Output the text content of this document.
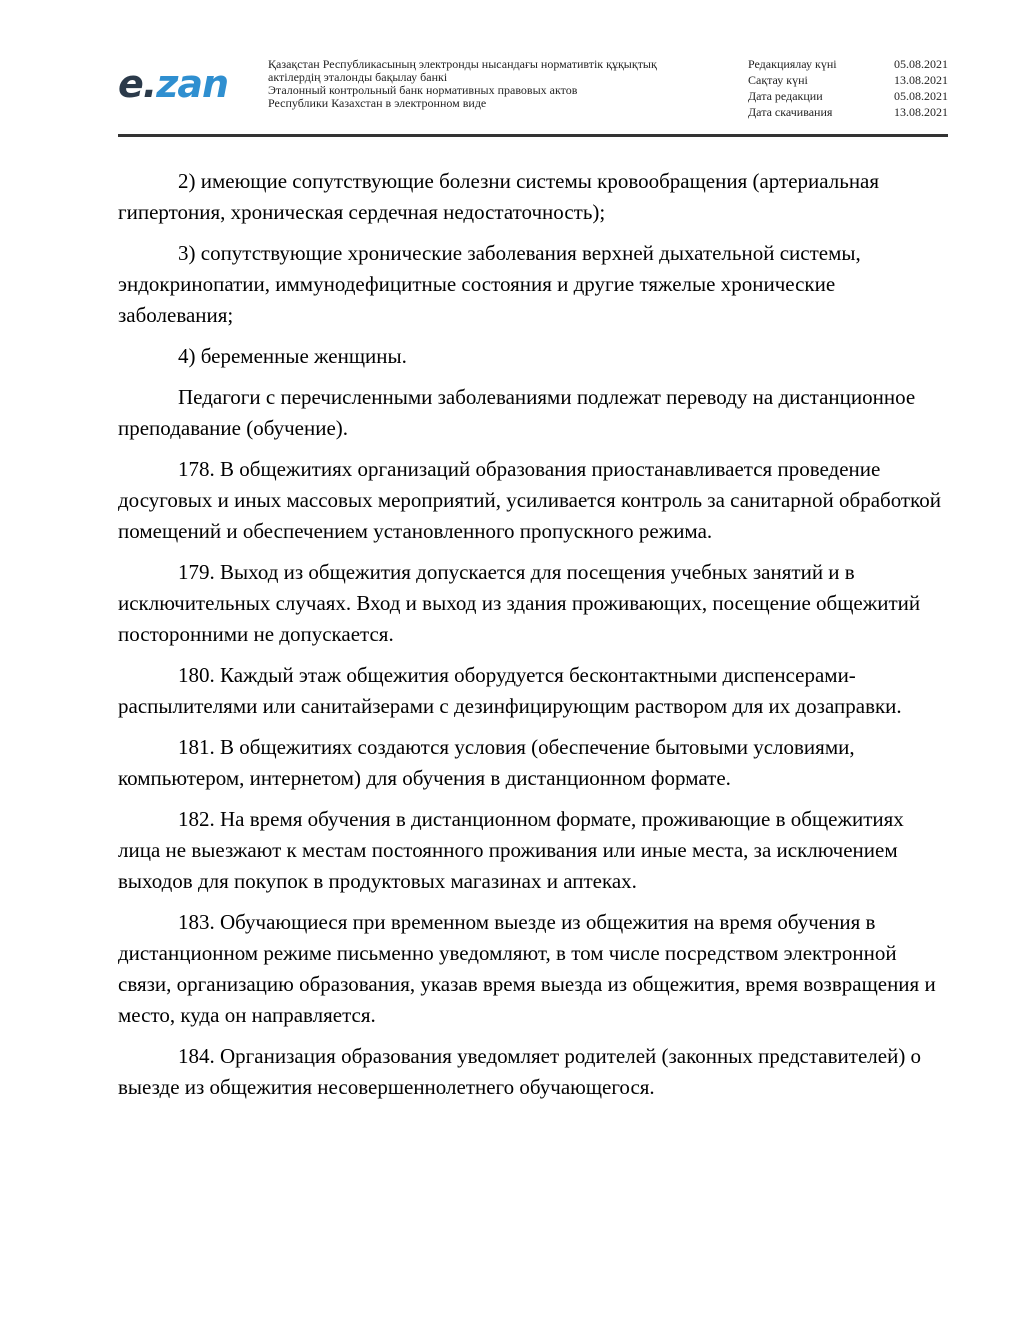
e.zan	Қазақстан Республикасының электронды нысандағы нормативтік құқықтық
актілердің эталонды бақылау банкі
Эталонный контрольный банк нормативных правовых актов
Республики Казахстан в электронном виде
Редакциялау күні	05.08.2021
Сақтау күні	13.08.2021
Дата редакции	05.08.2021
Дата скачивания	13.08.2021

2) имеющие сопутствующие болезни системы кровообращения (артериальная гипертония, хроническая сердечная недостаточность);

3) сопутствующие хронические заболевания верхней дыхательной системы, эндокринопатии, иммунодефицитные состояния и другие тяжелые хронические заболевания;

4) беременные женщины.

Педагоги с перечисленными заболеваниями подлежат переводу на дистанционное преподавание (обучение).

178. В общежитиях организаций образования приостанавливается проведение досуговых и иных массовых мероприятий, усиливается контроль за санитарной обработкой помещений и обеспечением установленного пропускного режима.

179. Выход из общежития допускается для посещения учебных занятий и в исключительных случаях. Вход и выход из здания проживающих, посещение общежитий посторонними не допускается.

180. Каждый этаж общежития оборудуется бесконтактными диспенсерами-распылителями или санитайзерами с дезинфицирующим раствором для их дозаправки.

181. В общежитиях создаются условия (обеспечение бытовыми условиями, компьютером, интернетом) для обучения в дистанционном формате.

182. На время обучения в дистанционном формате, проживающие в общежитиях лица не выезжают к местам постоянного проживания или иные места, за исключением выходов для покупок в продуктовых магазинах и аптеках.

183. Обучающиеся при временном выезде из общежития на время обучения в дистанционном режиме письменно уведомляют, в том числе посредством электронной связи, организацию образования, указав время выезда из общежития, время возвращения и место, куда он направляется.

184. Организация образования уведомляет родителей (законных представителей) о выезде из общежития несовершеннолетнего обучающегося.
